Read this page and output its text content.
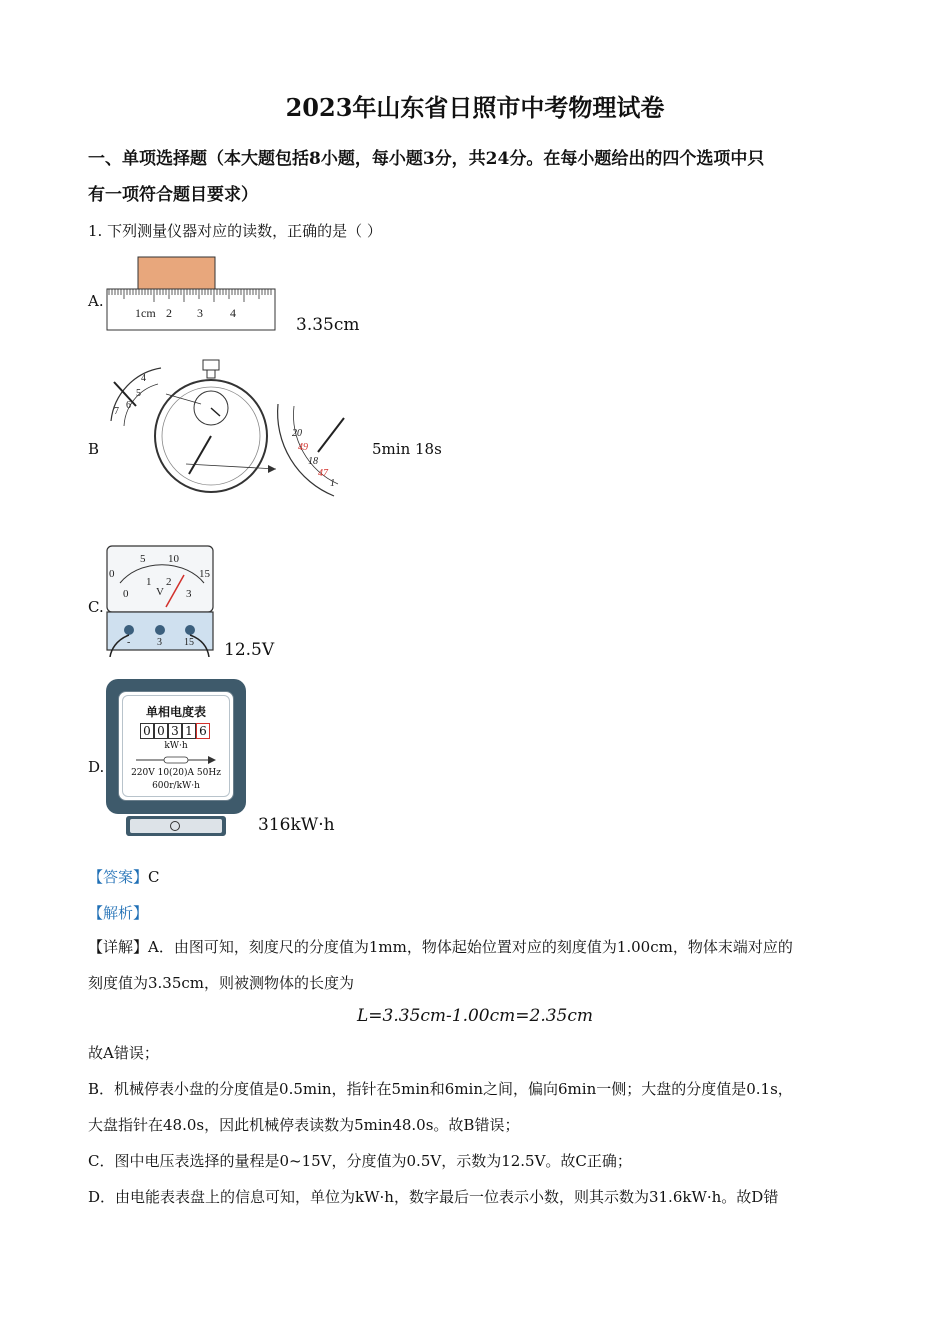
2023年山东省日照市中考物理试卷
一、单项选择题（本大题包括8小题，每小题3分，共24分。在每小题给出的四个选项中只
有一项符合题目要求）
1. 下列测量仪器对应的读数，正确的是（ ）
A.
1cm 2 3 4
3.35cm
B
4
5
6
7
20
49
18
47
1
5min 18s
C.
0
5 10
15
0
1 2
3
V
-	3 15 12.5V
D.
单相电度表
0 0 3 1 6
kW·h
220V 10(20)A 50Hz
600r/kW·h
316kW·h
【答案】C
【解析】
【详解】A．由图可知，刻度尺的分度值为1mm，物体起始位置对应的刻度值为1.00cm，物体末端对应的
刻度值为3.35cm，则被测物体的长度为
L=3.35cm-1.00cm=2.35cm
故A错误；
B．机械停表小盘的分度值是0.5min，指针在5min和6min之间，偏向6min一侧；大盘的分度值是0.1s，
大盘指针在48.0s，因此机械停表读数为5min48.0s。故B错误；
C．图中电压表选择的量程是0~15V，分度值为0.5V，示数为12.5V。故C正确；
D．由电能表表盘上的信息可知，单位为kW·h，数字最后一位表示小数，则其示数为31.6kW·h。故D错
